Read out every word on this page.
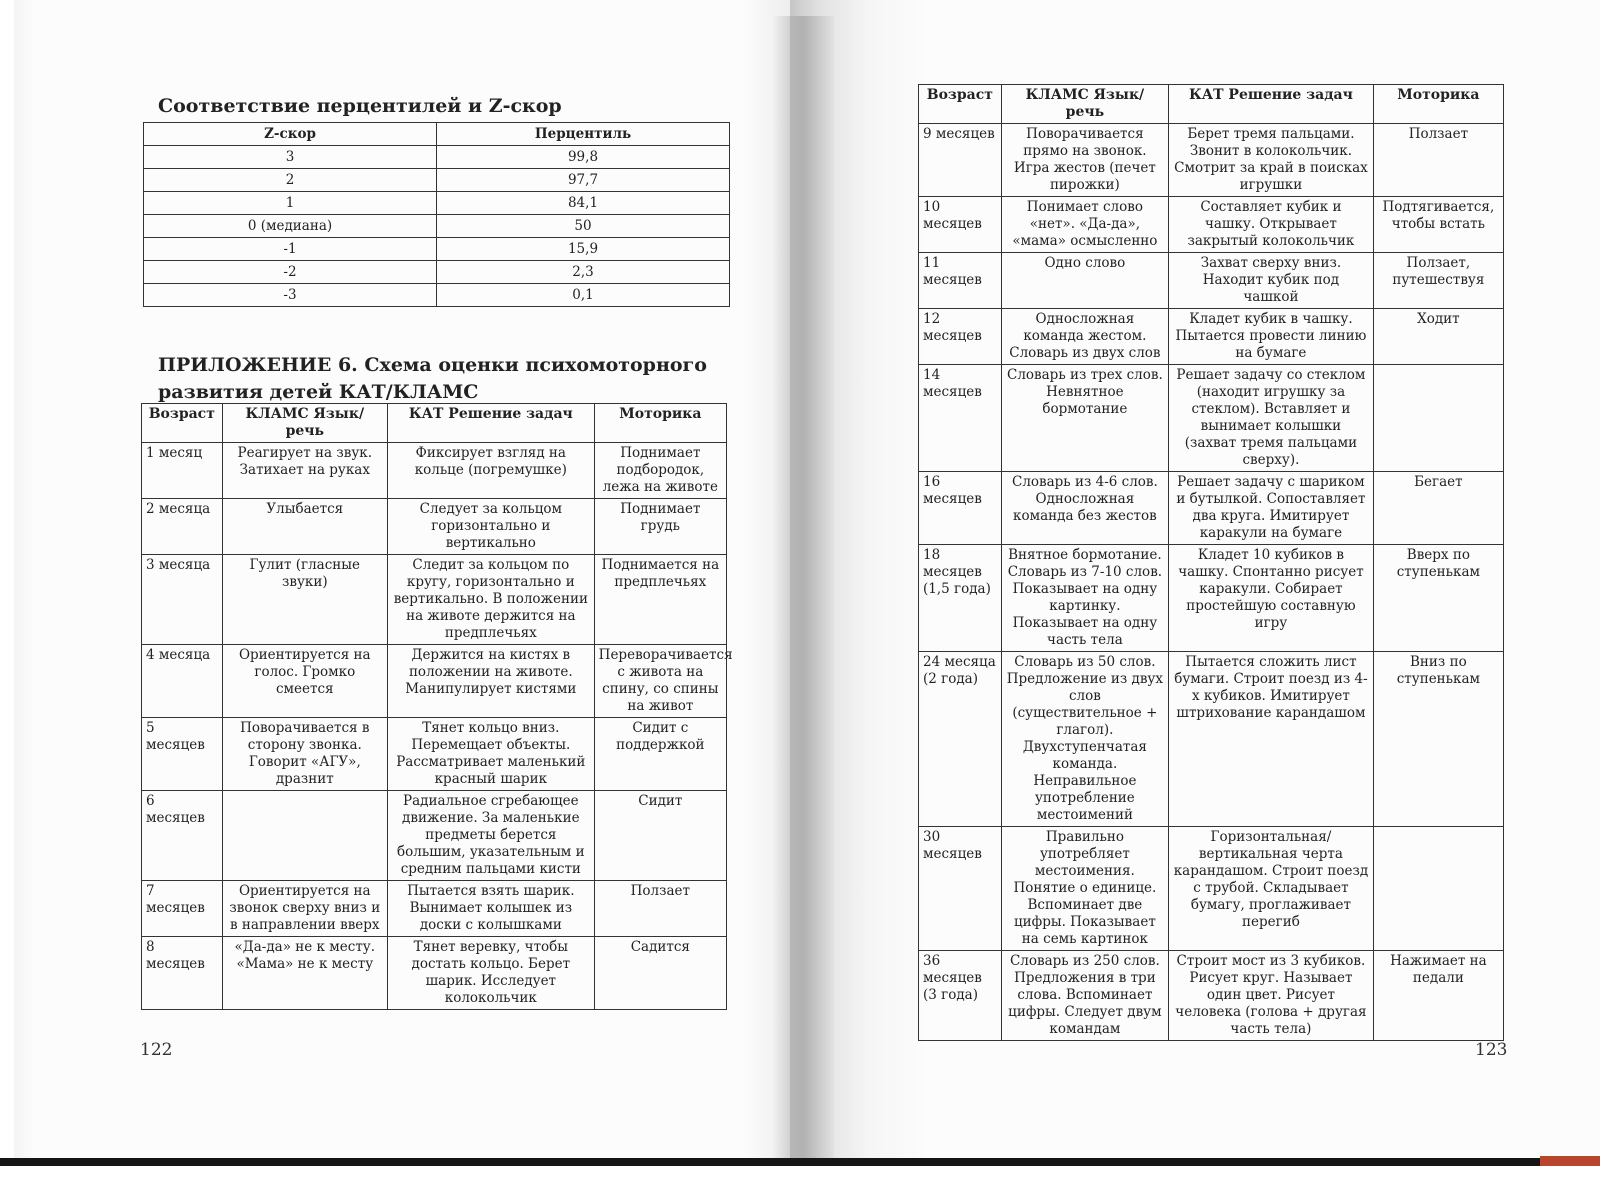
Соответствие перцентилей и Z-скор
Z-скор	Перцентиль
3	99,8
2	97,7
1	84,1
0 (медиана)	50
-1	15,9
-2	2,3
-3	0,1
ПРИЛОЖЕНИЕ 6. Схема оценки психомоторного развития детей КАТ/КЛАМС
Возраст	КЛАМС Язык/ речь	КАТ Решение задач	Моторика
1 месяц	Реагирует на звук. Затихает на руках	Фиксирует взгляд на кольце (погремушке)	Поднимает подбородок, лежа на животе
2 месяца	Улыбается	Следует за кольцом горизонтально и вертикально	Поднимает грудь
3 месяца	Гулит (гласные звуки)	Следит за кольцом по кругу, горизонтально и вертикально. В положении на животе держится на предплечьях	Поднимается на предплечьях
4 месяца	Ориентируется на голос. Громко смеется	Держится на кистях в положении на животе. Манипулирует кистями	Переворачивается с живота на спину, со спины на живот
5 месяцев	Поворачивается в сторону звонка. Говорит «АГУ», дразнит	Тянет кольцо вниз. Перемещает объекты. Рассматривает маленький красный шарик	Сидит с поддержкой
6 месяцев		Радиальное сгребающее движение. За маленькие предметы берется большим, указательным и средним пальцами кисти	Сидит
7 месяцев	Ориентируется на звонок сверху вниз и в направлении вверх	Пытается взять шарик. Вынимает колышек из доски с колышками	Ползает
8 месяцев	«Да-да» не к месту. «Мама» не к месту	Тянет веревку, чтобы достать кольцо. Берет шарик. Исследует колокольчик	Садится
Возраст	КЛАМС Язык/ речь	КАТ Решение задач	Моторика
9 месяцев	Поворачивается прямо на звонок. Игра жестов (печет пирожки)	Берет тремя пальцами. Звонит в колокольчик. Смотрит за край в поисках игрушки	Ползает
10 месяцев	Понимает слово «нет». «Да-да», «мама» осмысленно	Составляет кубик и чашку. Открывает закрытый колокольчик	Подтягивается, чтобы встать
11 месяцев	Одно слово	Захват сверху вниз. Находит кубик под чашкой	Ползает, путешествуя
12 месяцев	Односложная команда жестом. Словарь из двух слов	Кладет кубик в чашку. Пытается провести линию на бумаге	Ходит
14 месяцев	Словарь из трех слов. Невнятное бормотание	Решает задачу со стеклом (находит игрушку за стеклом). Вставляет и вынимает колышки (захват тремя пальцами сверху).	
16 месяцев	Словарь из 4-6 слов. Односложная команда без жестов	Решает задачу с шариком и бутылкой. Сопоставляет два круга. Имитирует каракули на бумаге	Бегает
18 месяцев (1,5 года)	Внятное бормотание. Словарь из 7-10 слов. Показывает на одну картинку. Показывает на одну часть тела	Кладет 10 кубиков в чашку. Спонтанно рисует каракули. Собирает простейшую составную игру	Вверх по ступенькам
24 месяца (2 года)	Словарь из 50 слов. Предложение из двух слов (существительное + глагол). Двухступенчатая команда. Неправильное употребление местоимений	Пытается сложить лист бумаги. Строит поезд из 4-х кубиков. Имитирует штрихование карандашом	Вниз по ступенькам
30 месяцев	Правильно употребляет местоимения. Понятие о единице. Вспоминает две цифры. Показывает на семь картинок	Горизонтальная/вертикальная черта карандашом. Строит поезд с трубой. Складывает бумагу, проглаживает перегиб	
36 месяцев (3 года)	Словарь из 250 слов. Предложения в три слова. Вспоминает цифры. Следует двум командам	Строит мост из 3 кубиков. Рисует круг. Называет один цвет. Рисует человека (голова + другая часть тела)	Нажимает на педали
122	123
